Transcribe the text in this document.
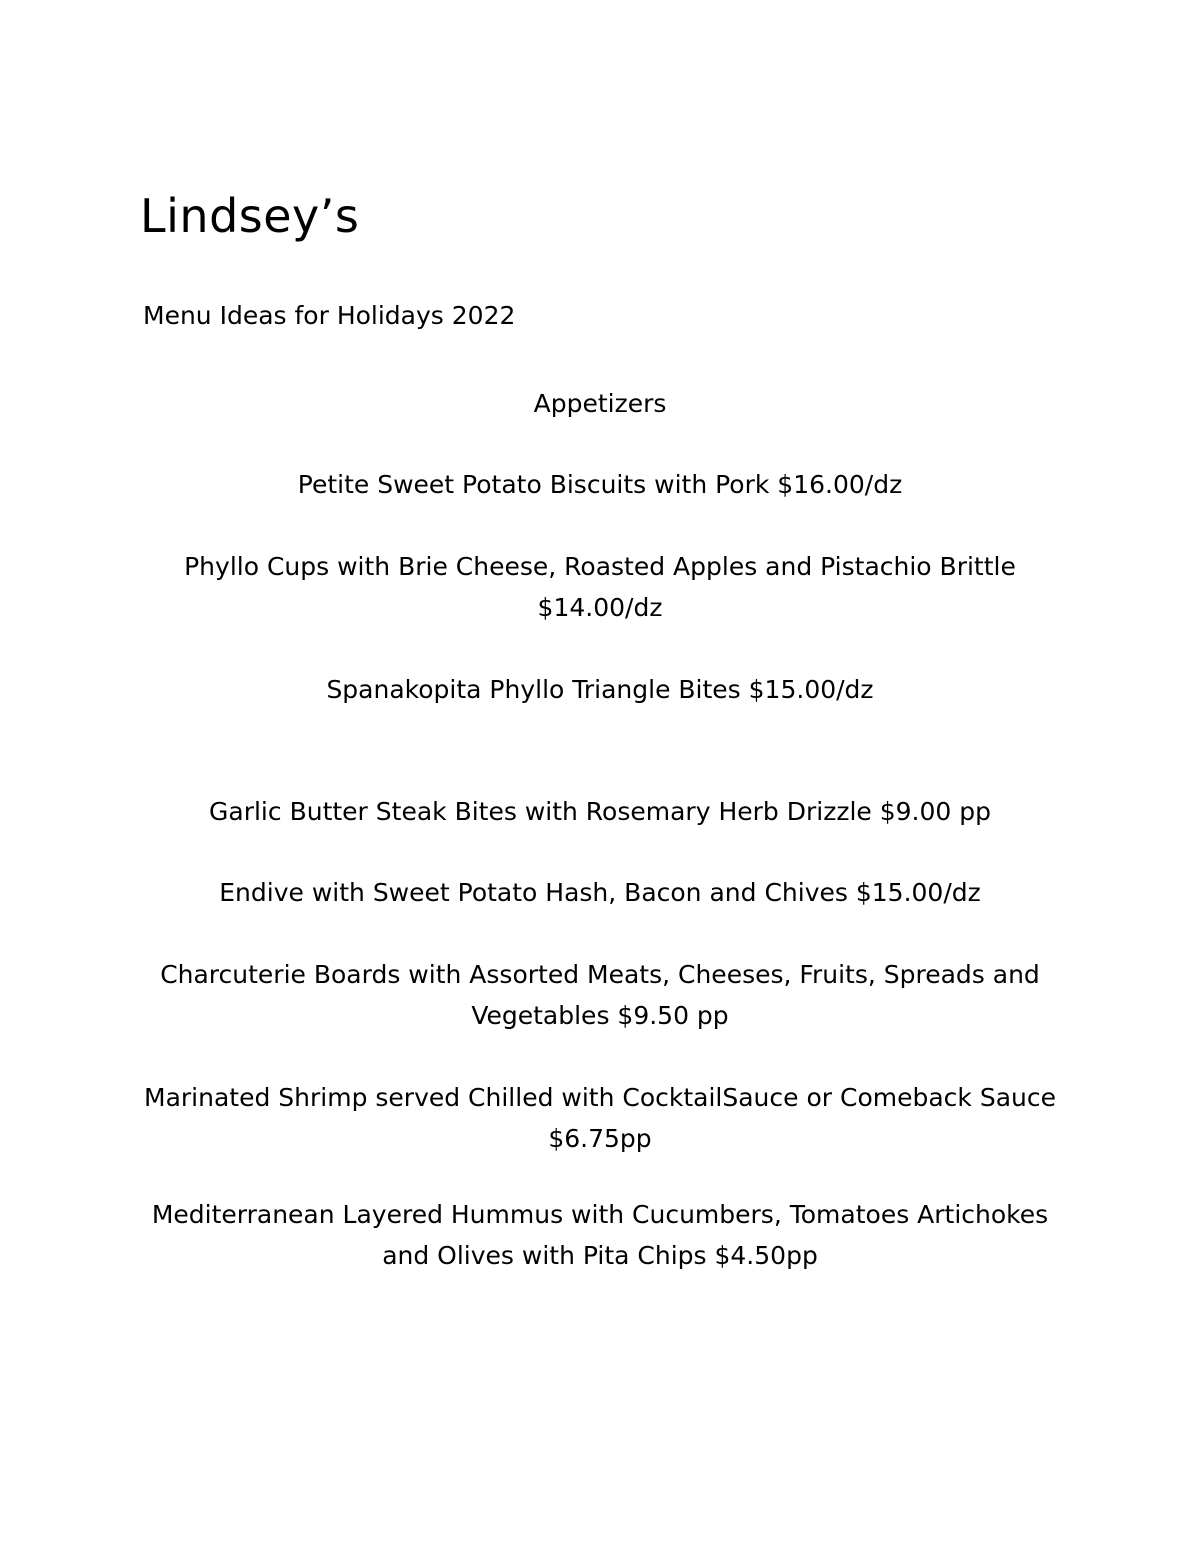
Lindsey’s

Menu Ideas for Holidays 2022

Appetizers

Petite Sweet Potato Biscuits with Pork $16.00/dz

Phyllo Cups with Brie Cheese, Roasted Apples and Pistachio Brittle $14.00/dz

Spanakopita Phyllo Triangle Bites $15.00/dz

Garlic Butter Steak Bites with Rosemary Herb Drizzle $9.00 pp

Endive with Sweet Potato Hash, Bacon and Chives $15.00/dz

Charcuterie Boards with Assorted Meats, Cheeses, Fruits, Spreads and Vegetables $9.50 pp

Marinated Shrimp served Chilled with CocktailSauce or Comeback Sauce $6.75pp

Mediterranean Layered Hummus with Cucumbers, Tomatoes Artichokes and Olives with Pita Chips $4.50pp
